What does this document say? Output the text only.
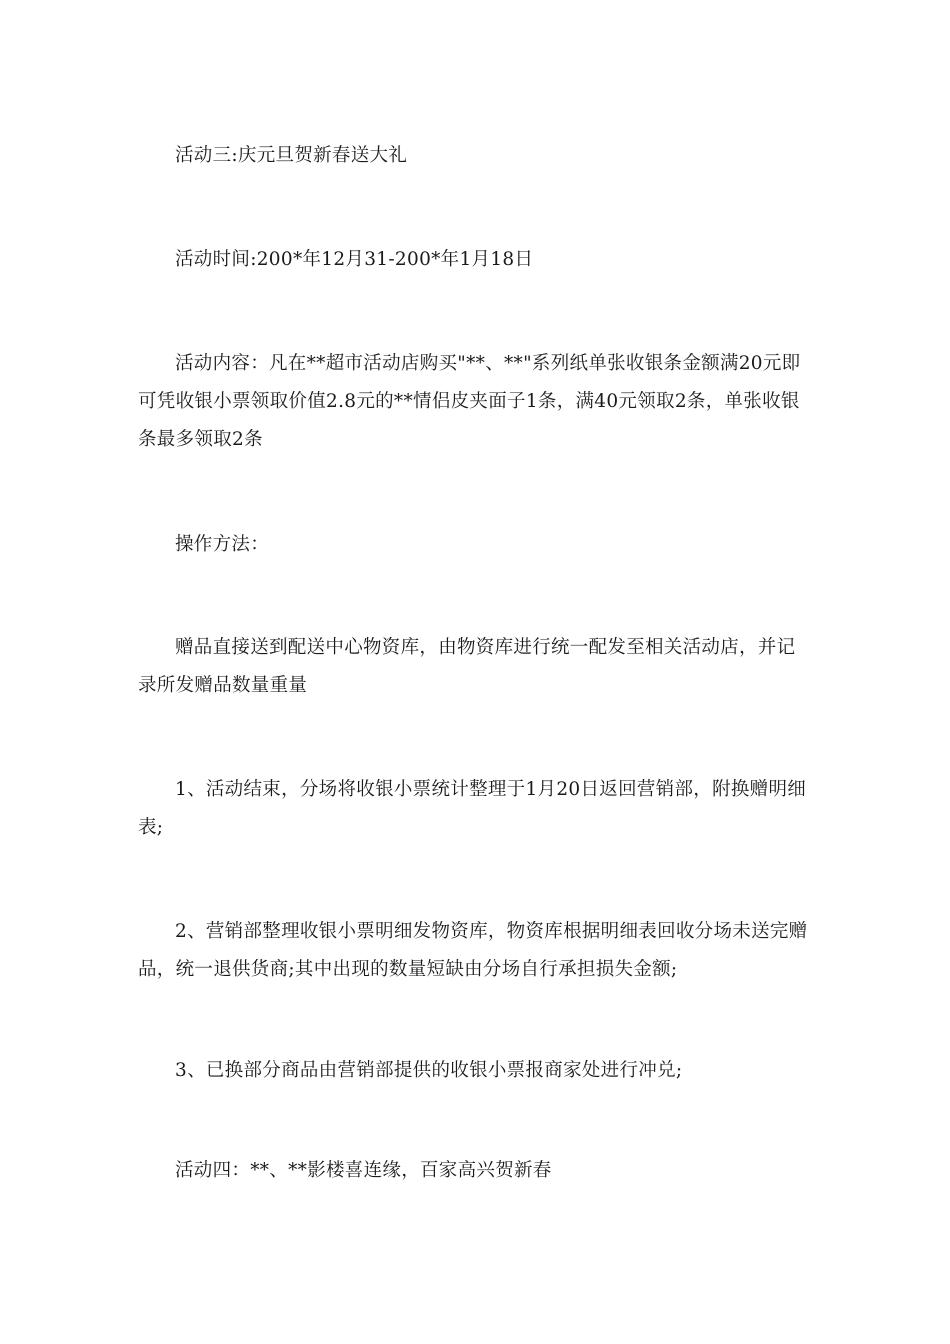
活动三:庆元旦贺新春送大礼

活动时间:200*年12月31-200*年1月18日

活动内容：凡在**超市活动店购买"**、**"系列纸单张收银条金额满20元即可凭收银小票领取价值2.8元的**情侣皮夹面子1条，满40元领取2条，单张收银条最多领取2条

操作方法：

赠品直接送到配送中心物资库，由物资库进行统一配发至相关活动店，并记录所发赠品数量重量

1、活动结束，分场将收银小票统计整理于1月20日返回营销部，附换赠明细表;

2、营销部整理收银小票明细发物资库，物资库根据明细表回收分场未送完赠品，统一退供货商;其中出现的数量短缺由分场自行承担损失金额;

3、已换部分商品由营销部提供的收银小票报商家处进行冲兑;

活动四：**、**影楼喜连缘，百家高兴贺新春
